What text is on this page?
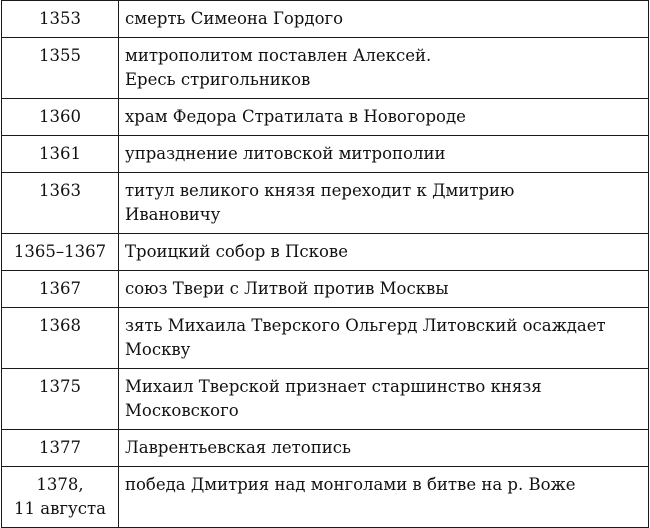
1353	смерть Симеона Гордого

1355	митрополитом поставлен Алексей.
Ересь стригольников

1360	храм Федора Стратилата в Новогороде

1361	упразднение литовской митрополии

1363	титул великого князя переходит к Дмитрию
Ивановичу

1365–1367	Троицкий собор в Пскове

1367	союз Твери с Литвой против Москвы

1368	зять Михаила Тверского Ольгерд Литовский осаждает
Москву

1375	Михаил Тверской признает старшинство князя
Московского

1377	Лаврентьевская летопись

1378,
11 августа	победа Дмитрия над монголами в битве на р. Воже
